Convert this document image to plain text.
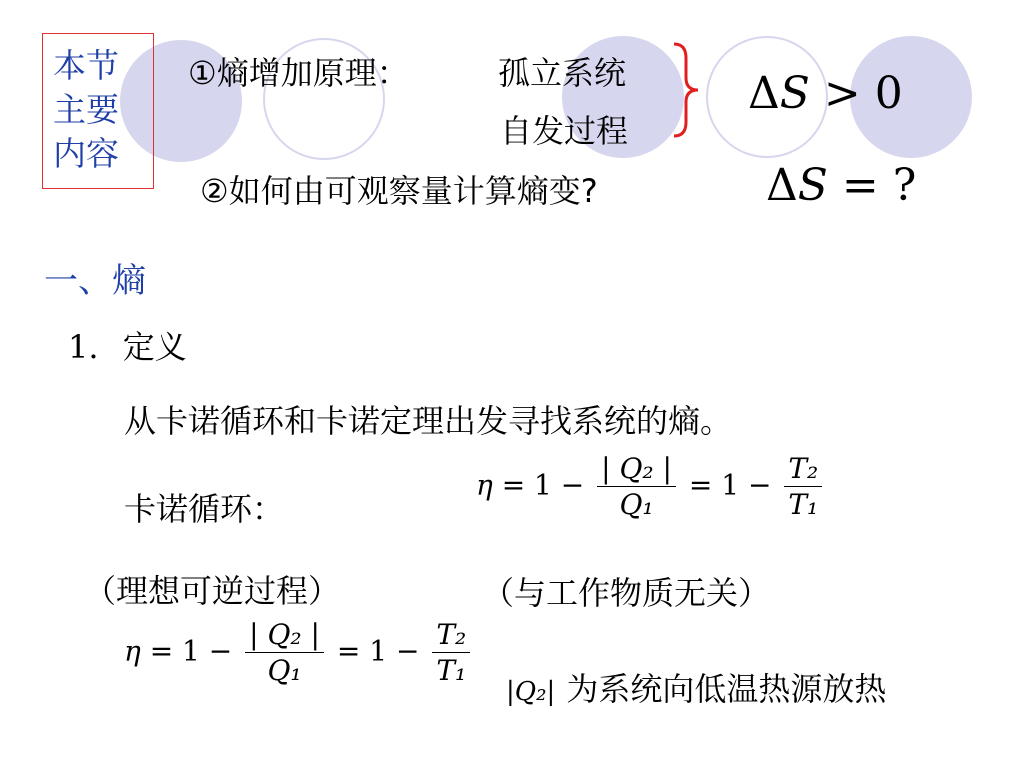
本节
主要
内容
①熵增加原理：	孤立系统
自发过程
ΔS > 0
②如何由可观察量计算熵变?	ΔS = ?
一、熵
1. 定义
从卡诺循环和卡诺定理出发寻找系统的熵。
卡诺循环：
$\eta = 1 - \frac{\text{| Q₂ |}}{\text{Q₁}} = 1 - \frac{\text{T₂}}{\text{T₁}}$
（理想可逆过程）	（与工作物质无关）
$\eta = 1 - \frac{\text{| Q₂ |}}{\text{Q₁}} = 1 - \frac{\text{T₂}}{\text{T₁}}$
|Q₂| 为系统向低温热源放热
